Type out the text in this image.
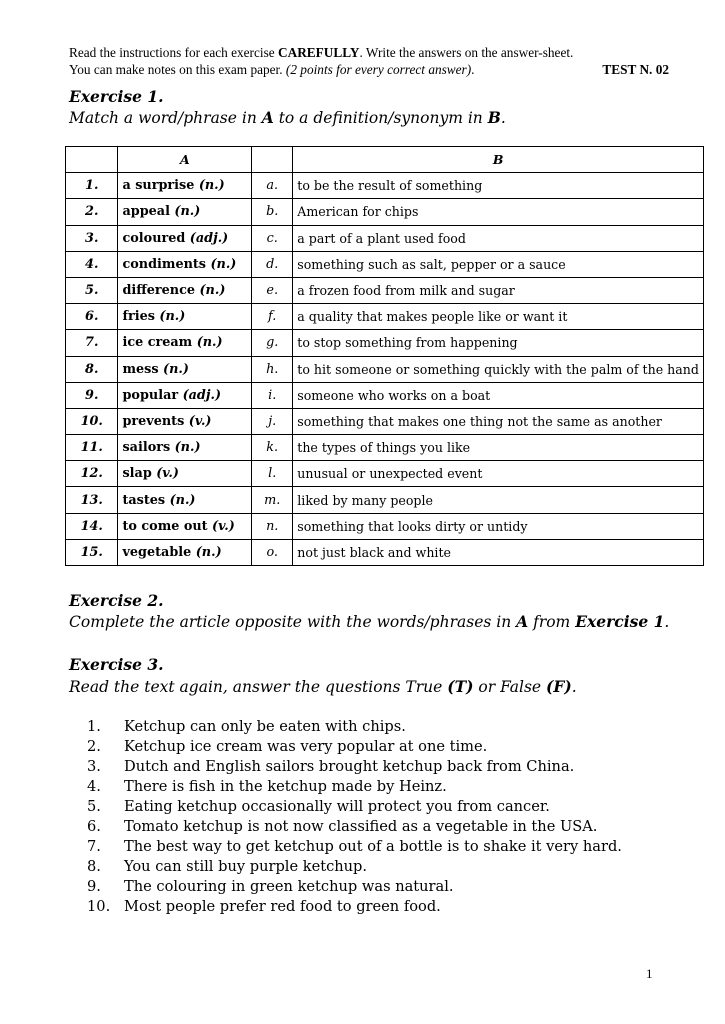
Read the instructions for each exercise CAREFULLY. Write the answers on the answer-sheet.
You can make notes on this exam paper. (2 points for every correct answer).	TEST N. 02
Exercise 1.
Match a word/phrase in A to a definition/synonym in B.
	A		B
1.	a surprise (n.)	a.	to be the result of something
2.	appeal (n.)	b.	American for chips
3.	coloured (adj.)	c.	a part of a plant used food
4.	condiments (n.)	d.	something such as salt, pepper or a sauce
5.	difference (n.)	e.	a frozen food from milk and sugar
6.	fries (n.)	f.	a quality that makes people like or want it
7.	ice cream (n.)	g.	to stop something from happening
8.	mess (n.)	h.	to hit someone or something quickly with the palm of the hand
9.	popular (adj.)	i.	someone who works on a boat
10.	prevents (v.)	j.	something that makes one thing not the same as another
11.	sailors (n.)	k.	the types of things you like
12.	slap (v.)	l.	unusual or unexpected event
13.	tastes (n.)	m.	liked by many people
14.	to come out (v.)	n.	something that looks dirty or untidy
15.	vegetable (n.)	o.	not just black and white
Exercise 2.
Complete the article opposite with the words/phrases in A from Exercise 1.
Exercise 3.
Read the text again, answer the questions True (T) or False (F).
1. Ketchup can only be eaten with chips.
2. Ketchup ice cream was very popular at one time.
3. Dutch and English sailors brought ketchup back from China.
4. There is fish in the ketchup made by Heinz.
5. Eating ketchup occasionally will protect you from cancer.
6. Tomato ketchup is not now classified as a vegetable in the USA.
7. The best way to get ketchup out of a bottle is to shake it very hard.
8. You can still buy purple ketchup.
9. The colouring in green ketchup was natural.
10. Most people prefer red food to green food.
1
